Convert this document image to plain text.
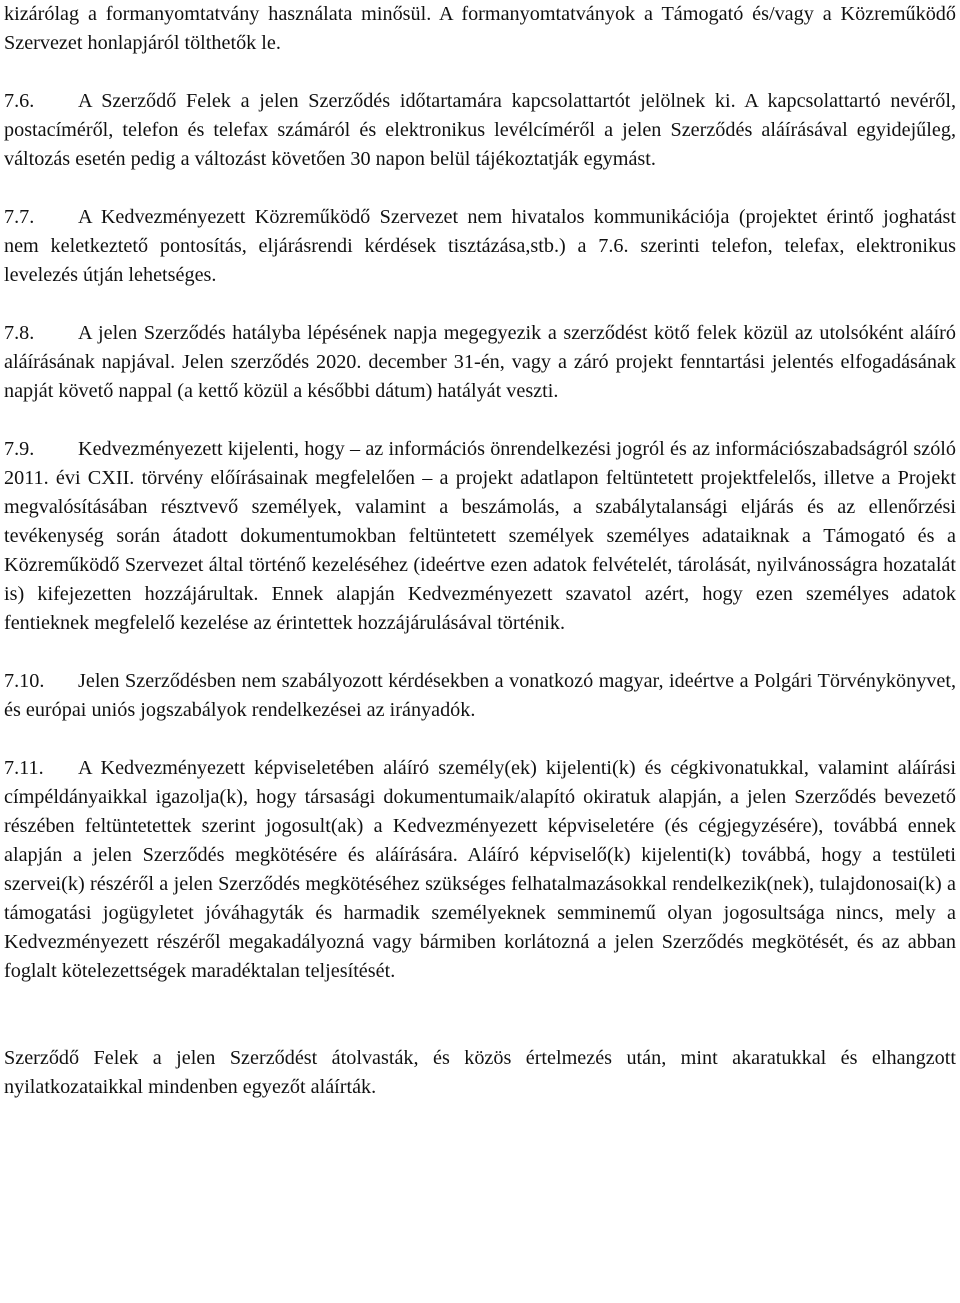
kizárólag a formanyomtatvány használata minősül. A formanyomtatványok a Támogató és/vagy a Közreműködő Szervezet honlapjáról tölthetők le.

7.6. A Szerződő Felek a jelen Szerződés időtartamára kapcsolattartót jelölnek ki. A kapcsolattartó nevéről, postacíméről, telefon és telefax számáról és elektronikus levélcíméről a jelen Szerződés aláírásával egyidejűleg, változás esetén pedig a változást követően 30 napon belül tájékoztatják egymást.

7.7. A Kedvezményezett Közreműködő Szervezet nem hivatalos kommunikációja (projektet érintő joghatást nem keletkeztető pontosítás, eljárásrendi kérdések tisztázása,stb.) a 7.6. szerinti telefon, telefax, elektronikus levelezés útján lehetséges.

7.8. A jelen Szerződés hatályba lépésének napja megegyezik a szerződést kötő felek közül az utolsóként aláíró aláírásának napjával. Jelen szerződés 2020. december 31-én, vagy a záró projekt fenntartási jelentés elfogadásának napját követő nappal (a kettő közül a későbbi dátum) hatályát veszti.

7.9. Kedvezményezett kijelenti, hogy – az információs önrendelkezési jogról és az információszabadságról szóló 2011. évi CXII. törvény előírásainak megfelelően – a projekt adatlapon feltüntetett projektfelelős, illetve a Projekt megvalósításában résztvevő személyek, valamint a beszámolás, a szabálytalansági eljárás és az ellenőrzési tevékenység során átadott dokumentumokban feltüntetett személyek személyes adataiknak a Támogató és a Közreműködő Szervezet által történő kezeléséhez (ideértve ezen adatok felvételét, tárolását, nyilvánosságra hozatalát is) kifejezetten hozzájárultak. Ennek alapján Kedvezményezett szavatol azért, hogy ezen személyes adatok fentieknek megfelelő kezelése az érintettek hozzájárulásával történik.

7.10. Jelen Szerződésben nem szabályozott kérdésekben a vonatkozó magyar, ideértve a Polgári Törvénykönyvet, és európai uniós jogszabályok rendelkezései az irányadók.

7.11. A Kedvezményezett képviseletében aláíró személy(ek) kijelenti(k) és cégkivonatukkal, valamint aláírási címpéldányaikkal igazolja(k), hogy társasági dokumentumaik/alapító okiratuk alapján, a jelen Szerződés bevezető részében feltüntetettek szerint jogosult(ak) a Kedvezményezett képviseletére (és cégjegyzésére), továbbá ennek alapján a jelen Szerződés megkötésére és aláírására. Aláíró képviselő(k) kijelenti(k) továbbá, hogy a testületi szervei(k) részéről a jelen Szerződés megkötéséhez szükséges felhatalmazásokkal rendelkezik(nek), tulajdonosai(k) a támogatási jogügyletet jóváhagyták és harmadik személyeknek semminemű olyan jogosultsága nincs, mely a Kedvezményezett részéről megakadályozná vagy bármiben korlátozná a jelen Szerződés megkötését, és az abban foglalt kötelezettségek maradéktalan teljesítését.

Szerződő Felek a jelen Szerződést átolvasták, és közös értelmezés után, mint akaratukkal és elhangzott nyilatkozataikkal mindenben egyezőt aláírták.
